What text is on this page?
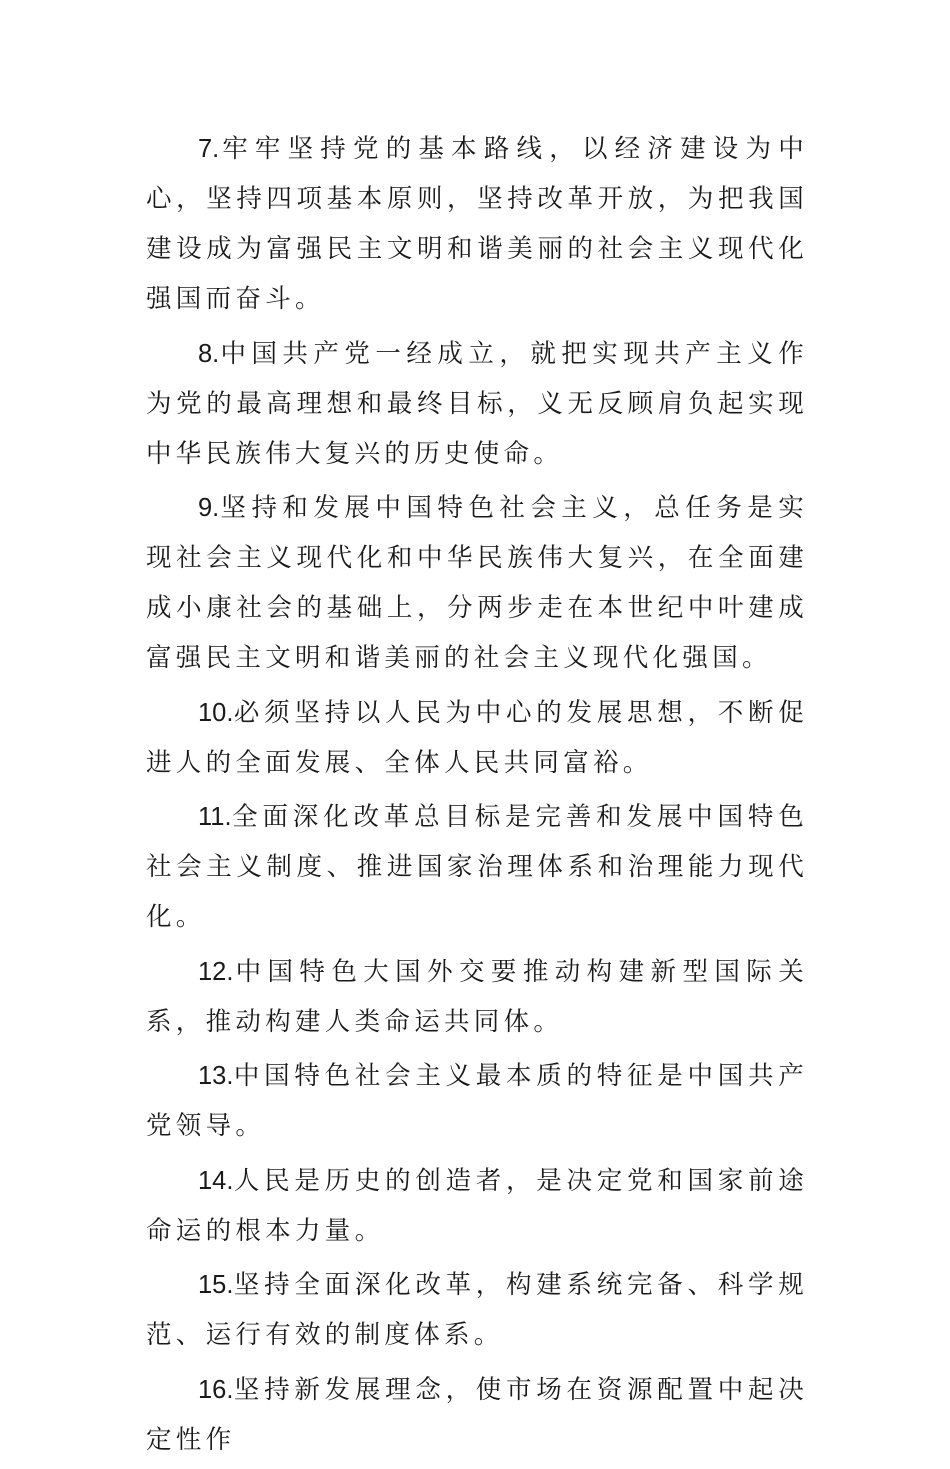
7.牢牢坚持党的基本路线，以经济建设为中心，坚持四项基本原则，坚持改革开放，为把我国建设成为富强民主文明和谐美丽的社会主义现代化强国而奋斗。

8.中国共产党一经成立，就把实现共产主义作为党的最高理想和最终目标，义无反顾肩负起实现中华民族伟大复兴的历史使命。

9.坚持和发展中国特色社会主义，总任务是实现社会主义现代化和中华民族伟大复兴，在全面建成小康社会的基础上，分两步走在本世纪中叶建成富强民主文明和谐美丽的社会主义现代化强国。

10.必须坚持以人民为中心的发展思想，不断促进人的全面发展、全体人民共同富裕。

11.全面深化改革总目标是完善和发展中国特色社会主义制度、推进国家治理体系和治理能力现代化。

12.中国特色大国外交要推动构建新型国际关系，推动构建人类命运共同体。

13.中国特色社会主义最本质的特征是中国共产党领导。

14.人民是历史的创造者，是决定党和国家前途命运的根本力量。

15.坚持全面深化改革，构建系统完备、科学规范、运行有效的制度体系。

16.坚持新发展理念，使市场在资源配置中起决定性作
